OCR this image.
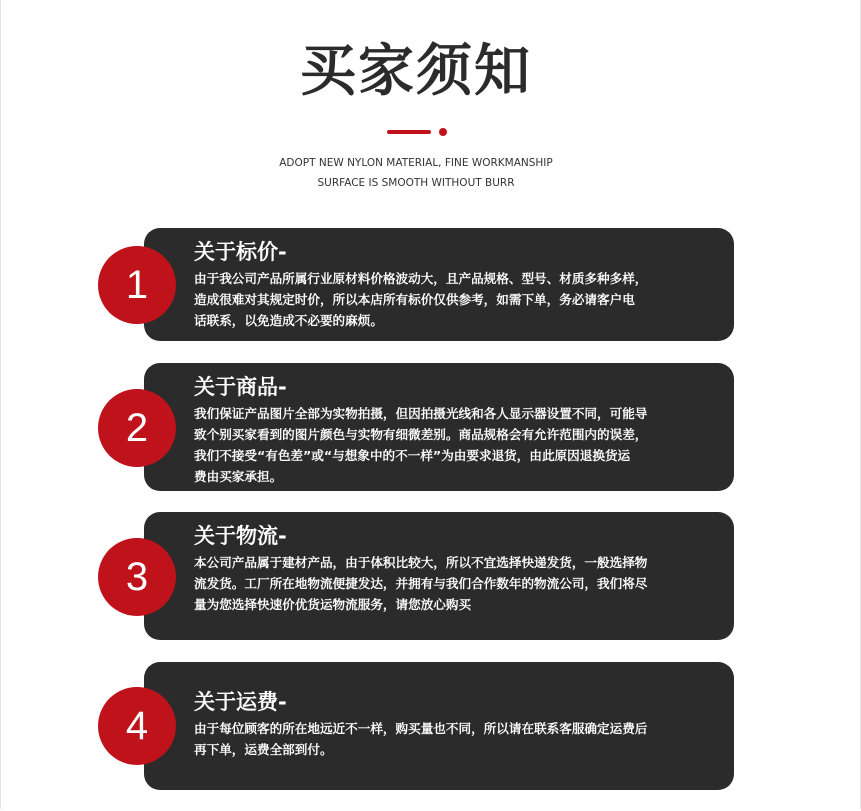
买家须知
ADOPT NEW NYLON MATERIAL, FINE WORKMANSHIP
SURFACE IS SMOOTH WITHOUT BURR
关于标价-
由于我公司产品所属行业原材料价格波动大，且产品规格、型号、材质多种多样，
造成很难对其规定时价，所以本店所有标价仅供参考，如需下单，务必请客户电
话联系，以免造成不必要的麻烦。
1
关于商品-
我们保证产品图片全部为实物拍摄，但因拍摄光线和各人显示器设置不同，可能导
致个别买家看到的图片颜色与实物有细微差别。商品规格会有允许范围内的误差，
我们不接受“有色差”或“与想象中的不一样”为由要求退货，由此原因退换货运
费由买家承担。
2
关于物流-
本公司产品属于建材产品，由于体积比较大，所以不宜选择快递发货，一般选择物
流发货。工厂所在地物流便捷发达，并拥有与我们合作数年的物流公司，我们将尽
量为您选择快速价优货运物流服务，请您放心购买
3
关于运费-
由于每位顾客的所在地远近不一样，购买量也不同，所以请在联系客服确定运费后
再下单，运费全部到付。
4
